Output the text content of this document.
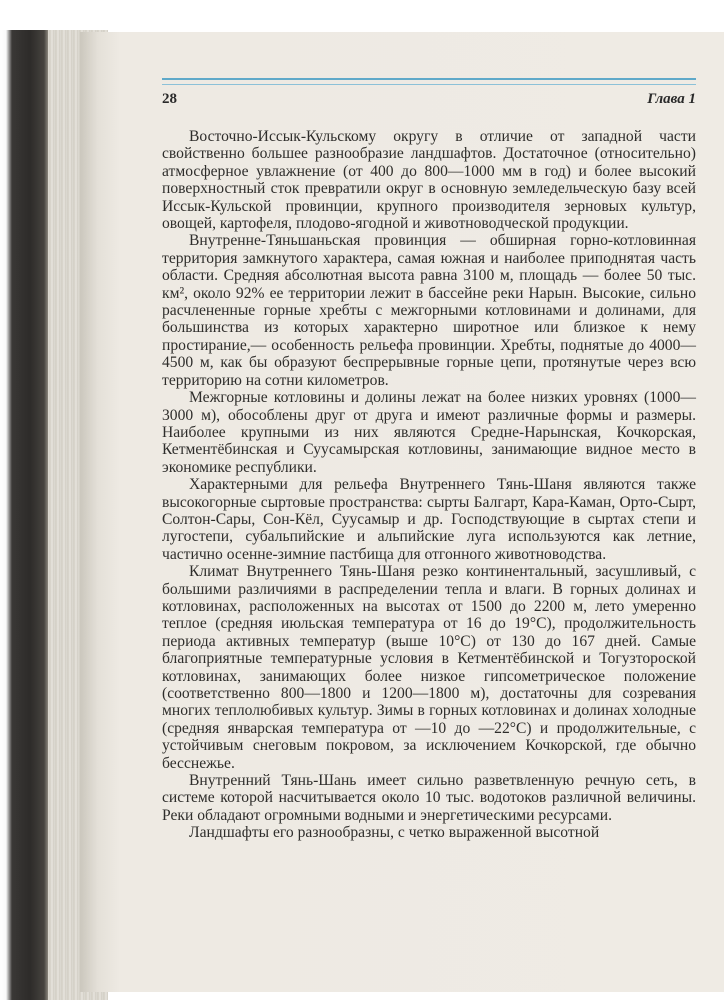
28	Глава 1

Восточно-Иссык-Кульскому округу в отличие от западной части свойственно большее разнообразие ландшафтов. Достаточное (относительно) атмосферное увлажнение (от 400 до 800—1000 мм в год) и более высокий поверхностный сток превратили округ в основную земледельческую базу всей Иссык-Кульской провинции, крупного производителя зерновых культур, овощей, картофеля, плодово-ягодной и животноводческой продукции.

Внутренне-Тяньшаньская провинция — обширная горно-котловинная территория замкнутого характера, самая южная и наиболее приподнятая часть области. Средняя абсолютная высота равна 3100 м, площадь — более 50 тыс. км², около 92% ее территории лежит в бассейне реки Нарын. Высокие, сильно расчлененные горные хребты с межгорными котловинами и долинами, для большинства из которых характерно широтное или близкое к нему простирание,— особенность рельефа провинции. Хребты, поднятые до 4000—4500 м, как бы образуют беспрерывные горные цепи, протянутые через всю территорию на сотни километров.

Межгорные котловины и долины лежат на более низких уровнях (1000—3000 м), обособлены друг от друга и имеют различные формы и размеры. Наиболее крупными из них являются Средне-Нарынская, Кочкорская, Кетментёбинская и Суусамырская котловины, занимающие видное место в экономике республики.

Характерными для рельефа Внутреннего Тянь-Шаня являются также высокогорные сыртовые пространства: сырты Балгарт, Кара-Каман, Орто-Сырт, Солтон-Сары, Сон-Кёл, Суусамыр и др. Господствующие в сыртах степи и лугостепи, субальпийские и альпийские луга используются как летние, частично осенне-зимние пастбища для отгонного животноводства.

Климат Внутреннего Тянь-Шаня резко континентальный, засушливый, с большими различиями в распределении тепла и влаги. В горных долинах и котловинах, расположенных на высотах от 1500 до 2200 м, лето умеренно теплое (средняя июльская температура от 16 до 19°С), продолжительность периода активных температур (выше 10°С) от 130 до 167 дней. Самые благоприятные температурные условия в Кетментёбинской и Тогузтороской котловинах, занимающих более низкое гипсометрическое положение (соответственно 800—1800 и 1200—1800 м), достаточны для созревания многих теплолюбивых культур. Зимы в горных котловинах и долинах холодные (средняя январская температура от —10 до —22°С) и продолжительные, с устойчивым снеговым покровом, за исключением Кочкорской, где обычно бесснежье.

Внутренний Тянь-Шань имеет сильно разветвленную речную сеть, в системе которой насчитывается около 10 тыс. водотоков различной величины. Реки обладают огромными водными и энергетическими ресурсами.

Ландшафты его разнообразны, с четко выраженной высотной
